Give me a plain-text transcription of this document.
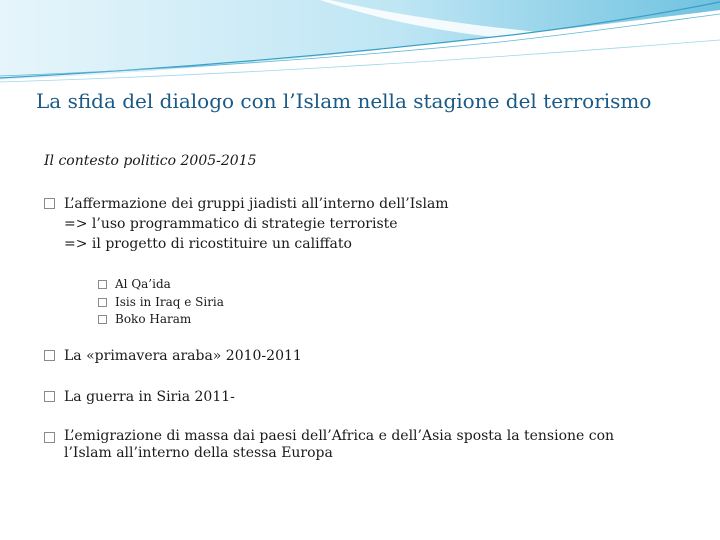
La sfida del dialogo con l’Islam nella stagione del terrorismo
Il contesto politico 2005-2015
L’affermazione dei gruppi jiadisti all’interno dell’Islam
=> l’uso programmatico di strategie terroriste
=> il progetto di ricostituire un califfato
Al Qa’ida
Isis in Iraq e Siria
Boko Haram
La «primavera araba» 2010-2011
La guerra in Siria 2011-
L’emigrazione di massa dai paesi dell’Africa e dell’Asia sposta la tensione con
l’Islam all’interno della stessa Europa
